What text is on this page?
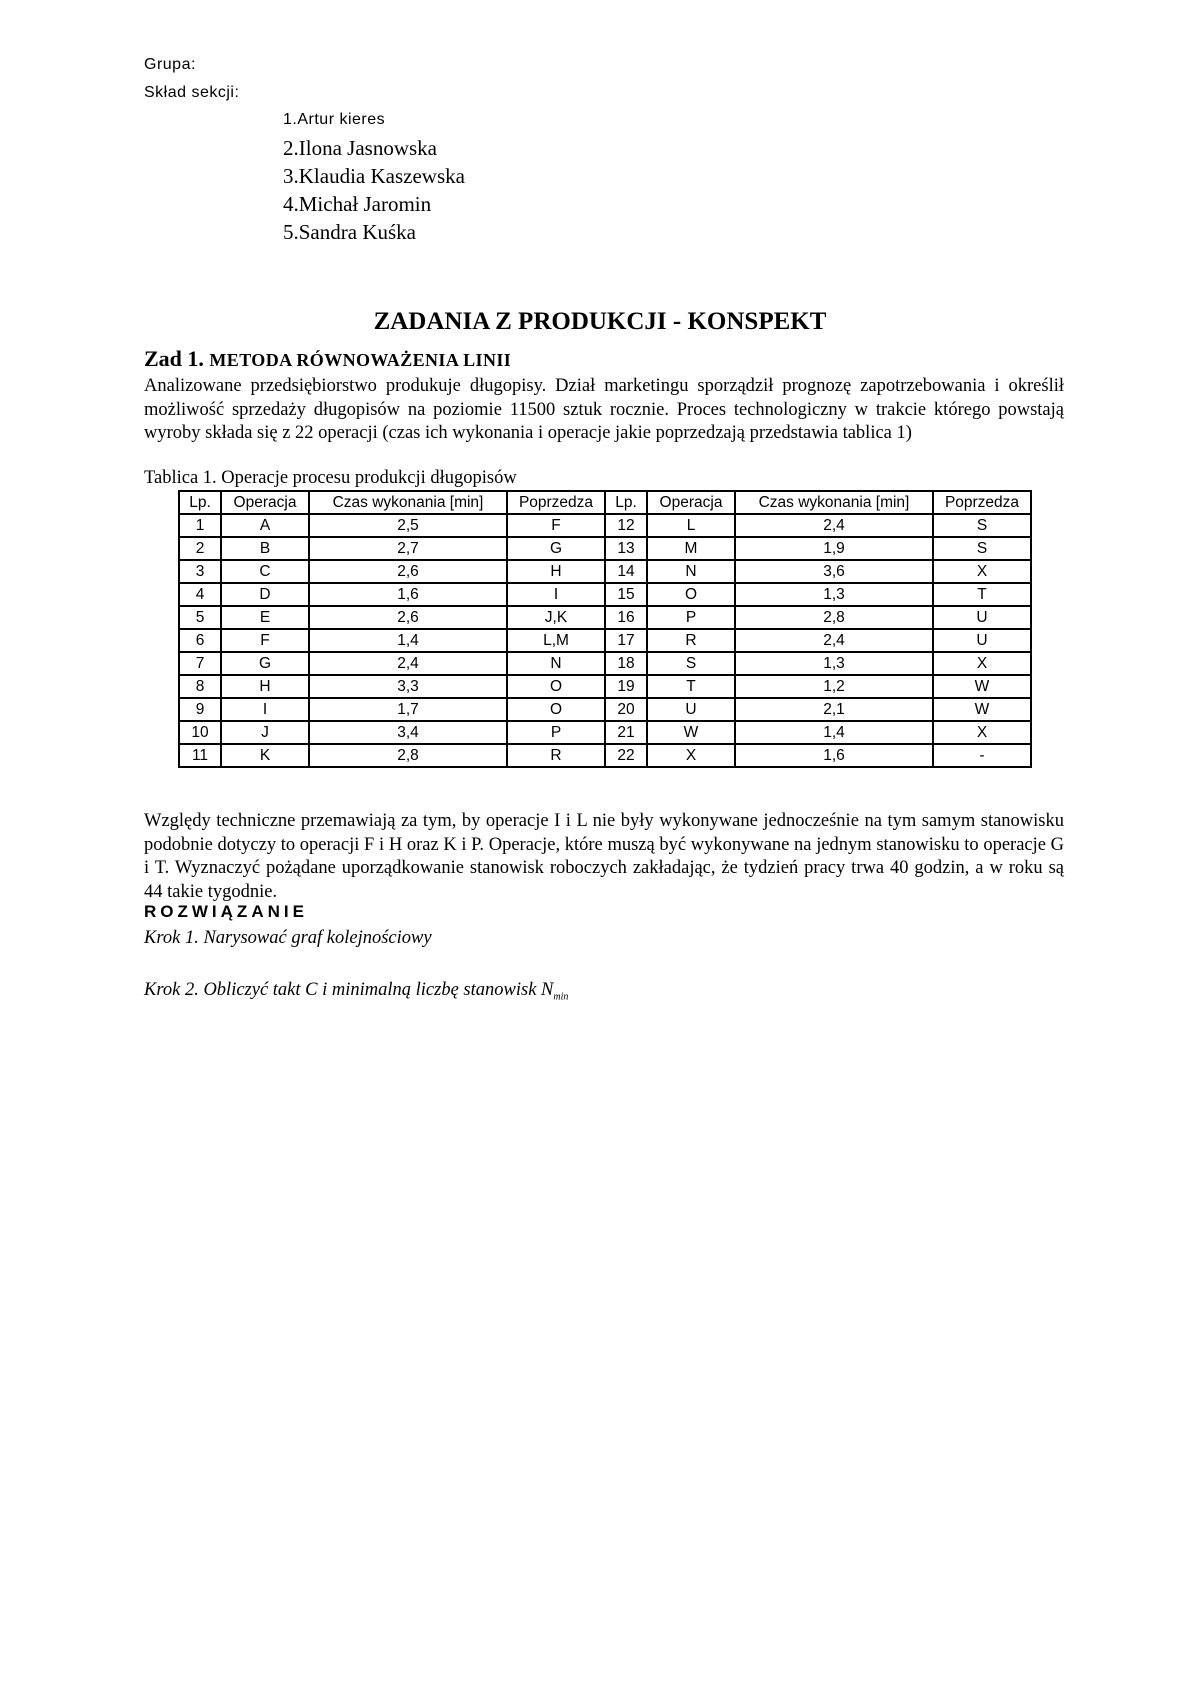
Grupa:
Skład sekcji:
1.Artur kieres
2.Ilona Jasnowska
3.Klaudia Kaszewska
4.Michał Jaromin
5.Sandra Kuśka
ZADANIA Z PRODUKCJI - KONSPEKT
Zad 1. METODA RÓWNOWAŻENIA LINII
Analizowane przedsiębiorstwo produkuje długopisy. Dział marketingu sporządził prognozę zapotrzebowania i określił możliwość sprzedaży długopisów na poziomie 11500 sztuk rocznie. Proces technologiczny w trakcie którego powstają wyroby składa się z 22 operacji (czas ich wykonania i operacje jakie poprzedzają przedstawia tablica 1)
Tablica 1. Operacje procesu produkcji długopisów
Lp.	Operacja	Czas wykonania [min]	Poprzedza	Lp.	Operacja	Czas wykonania [min]	Poprzedza
1	A	2,5	F	12	L	2,4	S
2	B	2,7	G	13	M	1,9	S
3	C	2,6	H	14	N	3,6	X
4	D	1,6	I	15	O	1,3	T
5	E	2,6	J,K	16	P	2,8	U
6	F	1,4	L,M	17	R	2,4	U
7	G	2,4	N	18	S	1,3	X
8	H	3,3	O	19	T	1,2	W
9	I	1,7	O	20	U	2,1	W
10	J	3,4	P	21	W	1,4	X
11	K	2,8	R	22	X	1,6	-
Względy techniczne przemawiają za tym, by operacje I i L nie były wykonywane jednocześnie na tym samym stanowisku podobnie dotyczy to operacji F i H oraz K i P. Operacje, które muszą być wykonywane na jednym stanowisku to operacje G i T. Wyznaczyć pożądane uporządkowanie stanowisk roboczych zakładając, że tydzień pracy trwa 40 godzin, a w roku są 44 takie tygodnie.
ROZWIĄZANIE
Krok 1. Narysować graf kolejnościowy
Krok 2. Obliczyć takt C i minimalną liczbę stanowisk $N_{min}$
